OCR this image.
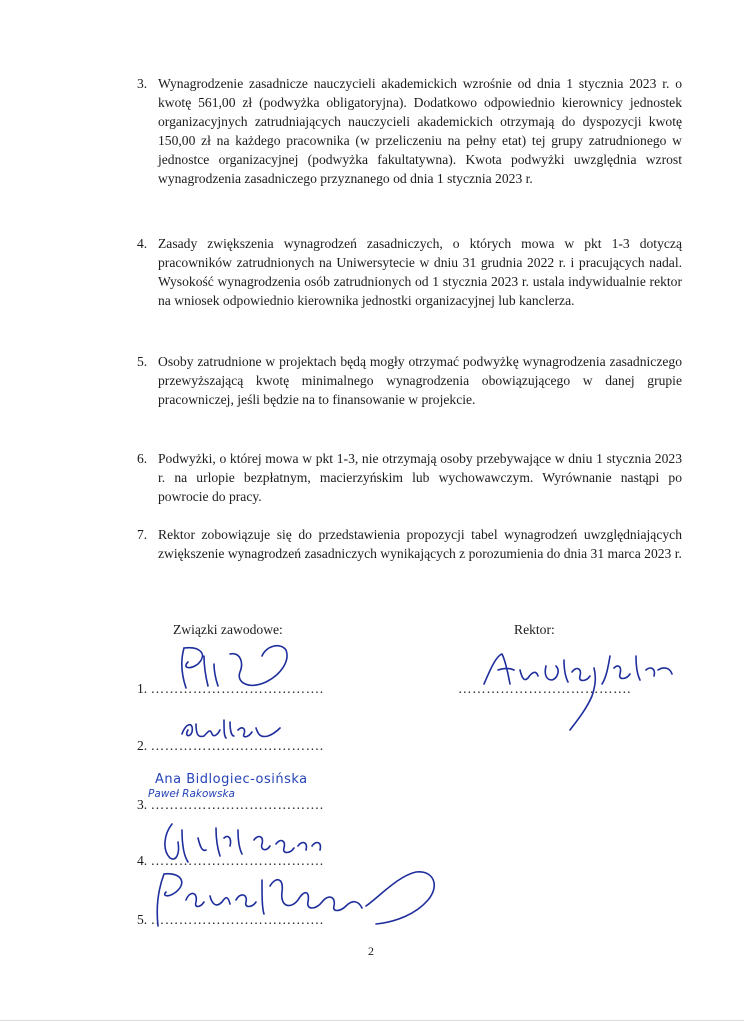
3. Wynagrodzenie zasadnicze nauczycieli akademickich wzrośnie od dnia 1 stycznia 2023 r. o kwotę 561,00 zł (podwyżka obligatoryjna). Dodatkowo odpowiednio kierownicy jednostek organizacyjnych zatrudniających nauczycieli akademickich otrzymają do dyspozycji kwotę 150,00 zł na każdego pracownika (w przeliczeniu na pełny etat) tej grupy zatrudnionego w jednostce organizacyjnej (podwyżka fakultatywna). Kwota podwyżki uwzględnia wzrost wynagrodzenia zasadniczego przyznanego od dnia 1 stycznia 2023 r.
4. Zasady zwiększenia wynagrodzeń zasadniczych, o których mowa w pkt 1-3 dotyczą pracowników zatrudnionych na Uniwersytecie w dniu 31 grudnia 2022 r. i pracujących nadal. Wysokość wynagrodzenia osób zatrudnionych od 1 stycznia 2023 r. ustala indywidualnie rektor na wniosek odpowiednio kierownika jednostki organizacyjnej lub kanclerza.
5. Osoby zatrudnione w projektach będą mogły otrzymać podwyżkę wynagrodzenia zasadniczego przewyższającą kwotę minimalnego wynagrodzenia obowiązującego w danej grupie pracowniczej, jeśli będzie na to finansowanie w projekcie.
6. Podwyżki, o której mowa w pkt 1-3, nie otrzymają osoby przebywające w dniu 1 stycznia 2023 r. na urlopie bezpłatnym, macierzyńskim lub wychowawczym. Wyrównanie nastąpi po powrocie do pracy.
7. Rektor zobowiązuje się do przedstawienia propozycji tabel wynagrodzeń uwzględniających zwiększenie wynagrodzeń zasadniczych wynikających z porozumienia do dnia 31 marca 2023 r.
Związki zawodowe:	Rektor:
1. ……………………………….
2. ……………………………….
3. ……………………………….
4. ……………………………….
5. ……………………………….
……………………………….
Ana Bidlogiec-osińska
Paweł Rakowska
2
